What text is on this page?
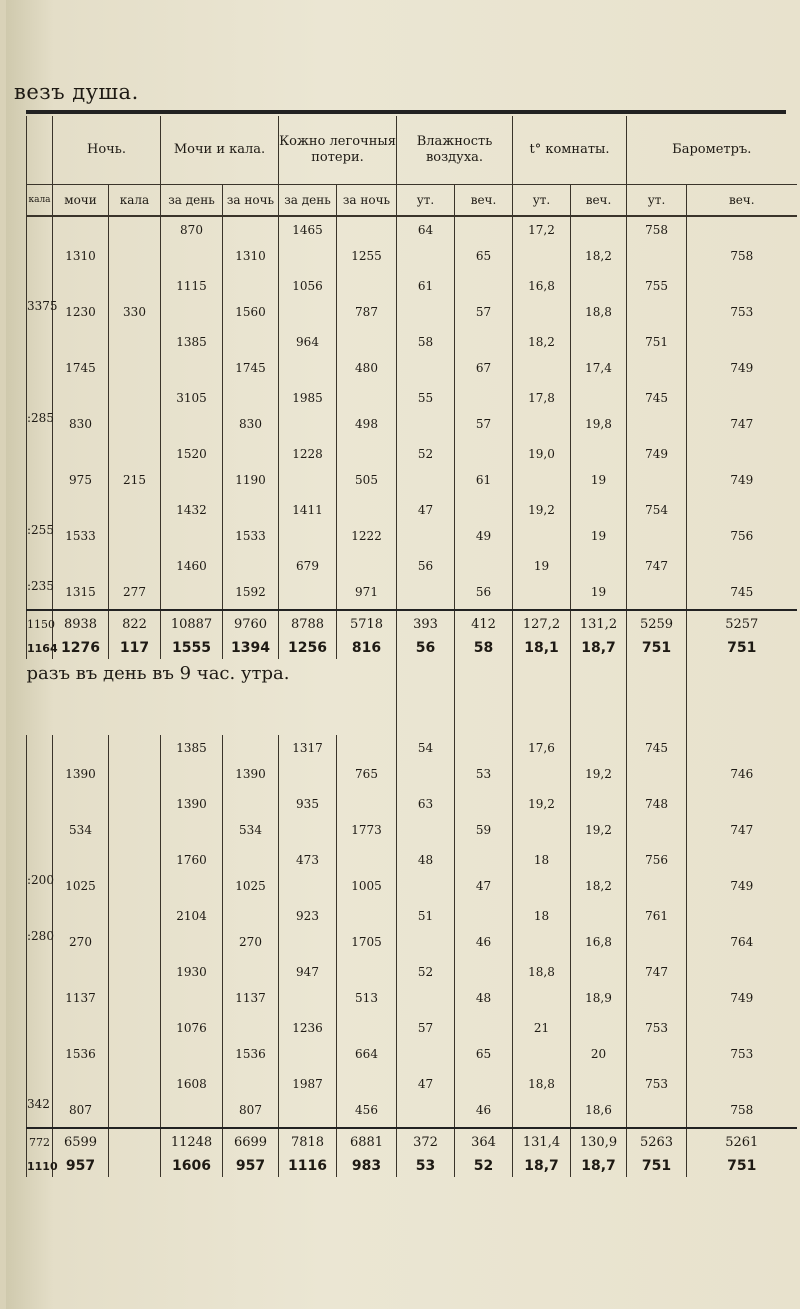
везъ душа.
	Ночь.		Мочи и кала.		Кожно легочныя потери.		Влажность воздуха.		t° комнаты.		Барометръ.	
кала	мочи	кала	за день	за ночь	за день	за ночь	ут.	веч.	ут.	веч.	ут.	веч.

	1310		870	1310	1465	1255	64	65	17,2	18,2	758	758

3375	1230	330	1115	1560	1056	787	61	57	16,8	18,8	755	753

	1745		1385	1745	964	480	58	67	18,2	17,4	751	749

:285	830		3105	830	1985	498	55	57	17,8	19,8	745	747

	975	215	1520	1190	1228	505	52	61	19,0	19	749	749

:255	1533		1432	1533	1411	1222	47	49	19,2	19	754	756

:235	1315	277	1460	1592	679	971	56	56	19	19	747	745

1150	8938	822	10887	9760	8788	5718	393	412	127,2	131,2	5259	5257
1164	1276	117	1555	1394	1256	816	56	58	18,1	18,7	751	751
разъ въ день въ 9 час. утра.												

	1390		1385	1390	1317	765	54	53	17,6	19,2	745	746

	534		1390	534	935	1773	63	59	19,2	19,2	748	747

:200	1025		1760	1025	473	1005	48	47	18	18,2	756	749

:280	270		2104	270	923	1705	51	46	18	16,8	761	764

	1137		1930	1137	947	513	52	48	18,8	18,9	747	749

	1536		1076	1536	1236	664	57	65	21	20	753	753

342	807		1608	807	1987	456	47	46	18,8	18,6	753	758

772	6599		11248	6699	7818	6881	372	364	131,4	130,9	5263	5261
1110	957		1606	957	1116	983	53	52	18,7	18,7	751	751
